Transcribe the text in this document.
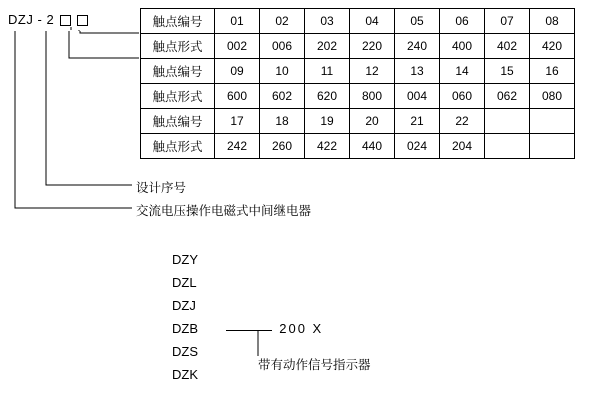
DZJ - 2	触点编号	01	02	03	04	05	06	07	08
触点形式	002	006	202	220	240	400	402	420
触点编号	09	10	11	12	13	14	15	16
触点形式	600	602	620	800	004	060	062	080
触点编号	17	18	19	20	21	22		
触点形式	242	260	422	440	024	204		
设计序号
交流电压操作电磁式中间继电器
DZY
DZL
DZJ
DZB	200 X
DZS
DZK
带有动作信号指示器
